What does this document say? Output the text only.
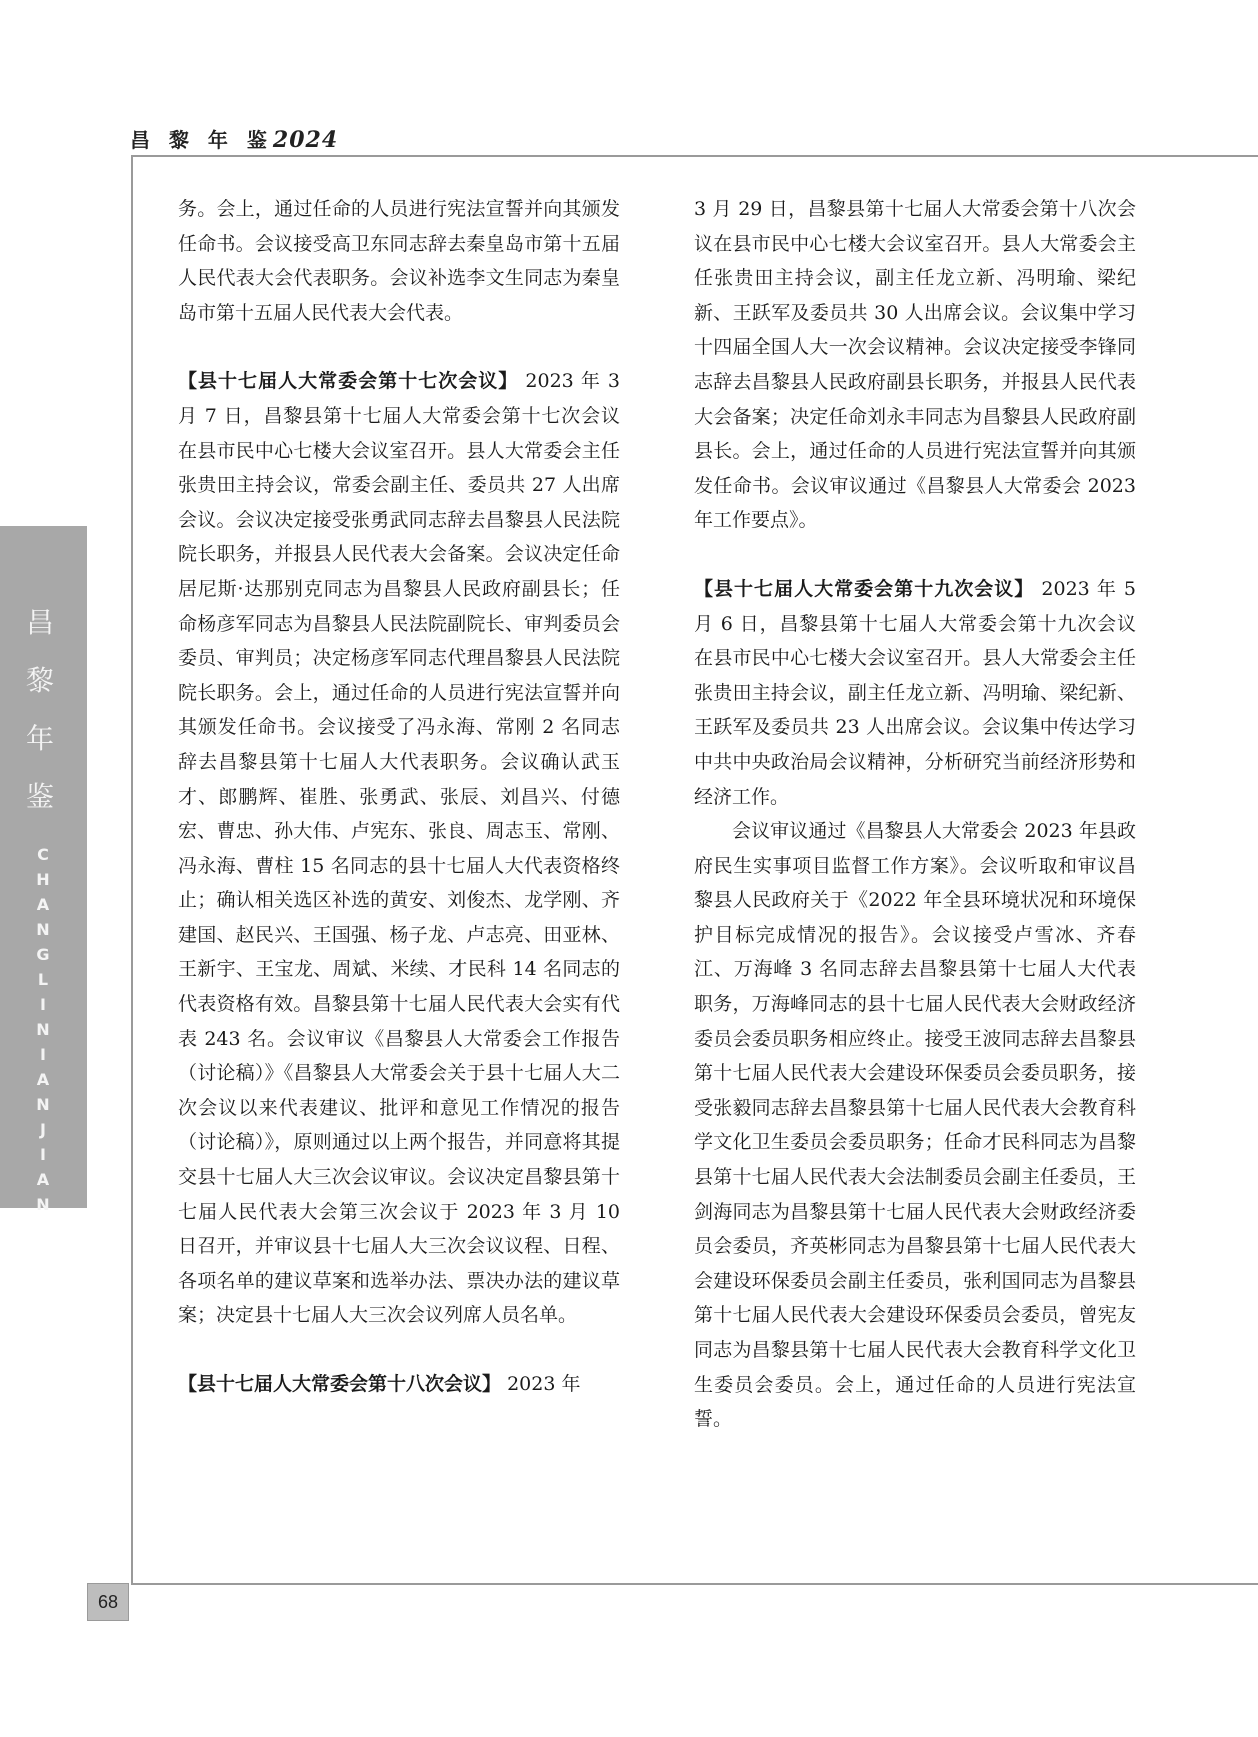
昌 黎 年 鉴2024
昌
黎
年
鉴
C
H
A
N
G
L
I
N
I
A
N
J
I
A
N
68

务。会上，通过任命的人员进行宪法宣誓并向其颁发任命书。会议接受高卫东同志辞去秦皇岛市第十五届人民代表大会代表职务。会议补选李文生同志为秦皇岛市第十五届人民代表大会代表。

【县十七届人大常委会第十七次会议】 2023 年 3 月 7 日，昌黎县第十七届人大常委会第十七次会议在县市民中心七楼大会议室召开。县人大常委会主任张贵田主持会议，常委会副主任、委员共 27 人出席会议。会议决定接受张勇武同志辞去昌黎县人民法院院长职务，并报县人民代表大会备案。会议决定任命居尼斯·达那别克同志为昌黎县人民政府副县长；任命杨彦军同志为昌黎县人民法院副院长、审判委员会委员、审判员；决定杨彦军同志代理昌黎县人民法院院长职务。会上，通过任命的人员进行宪法宣誓并向其颁发任命书。会议接受了冯永海、常刚 2 名同志辞去昌黎县第十七届人大代表职务。会议确认武玉才、郎鹏辉、崔胜、张勇武、张辰、刘昌兴、付德宏、曹忠、孙大伟、卢宪东、张良、周志玉、常刚、冯永海、曹柱 15 名同志的县十七届人大代表资格终止；确认相关选区补选的黄安、刘俊杰、龙学刚、齐建国、赵民兴、王国强、杨子龙、卢志亮、田亚林、王新宇、王宝龙、周斌、米续、才民科 14 名同志的代表资格有效。昌黎县第十七届人民代表大会实有代表 243 名。会议审议《昌黎县人大常委会工作报告（讨论稿）》《昌黎县人大常委会关于县十七届人大二次会议以来代表建议、批评和意见工作情况的报告（讨论稿）》，原则通过以上两个报告，并同意将其提交县十七届人大三次会议审议。会议决定昌黎县第十七届人民代表大会第三次会议于 2023 年 3 月 10 日召开，并审议县十七届人大三次会议议程、日程、各项名单的建议草案和选举办法、票决办法的建议草案；决定县十七届人大三次会议列席人员名单。

【县十七届人大常委会第十八次会议】 2023 年

3 月 29 日，昌黎县第十七届人大常委会第十八次会议在县市民中心七楼大会议室召开。县人大常委会主任张贵田主持会议，副主任龙立新、冯明瑜、梁纪新、王跃军及委员共 30 人出席会议。会议集中学习十四届全国人大一次会议精神。会议决定接受李锋同志辞去昌黎县人民政府副县长职务，并报县人民代表大会备案；决定任命刘永丰同志为昌黎县人民政府副县长。会上，通过任命的人员进行宪法宣誓并向其颁发任命书。会议审议通过《昌黎县人大常委会 2023 年工作要点》。

【县十七届人大常委会第十九次会议】 2023 年 5 月 6 日，昌黎县第十七届人大常委会第十九次会议在县市民中心七楼大会议室召开。县人大常委会主任张贵田主持会议，副主任龙立新、冯明瑜、梁纪新、王跃军及委员共 23 人出席会议。会议集中传达学习中共中央政治局会议精神，分析研究当前经济形势和经济工作。

会议审议通过《昌黎县人大常委会 2023 年县政府民生实事项目监督工作方案》。会议听取和审议昌黎县人民政府关于《2022 年全县环境状况和环境保护目标完成情况的报告》。会议接受卢雪冰、齐春江、万海峰 3 名同志辞去昌黎县第十七届人大代表职务，万海峰同志的县十七届人民代表大会财政经济委员会委员职务相应终止。接受王波同志辞去昌黎县第十七届人民代表大会建设环保委员会委员职务，接受张毅同志辞去昌黎县第十七届人民代表大会教育科学文化卫生委员会委员职务；任命才民科同志为昌黎县第十七届人民代表大会法制委员会副主任委员，王剑海同志为昌黎县第十七届人民代表大会财政经济委员会委员，齐英彬同志为昌黎县第十七届人民代表大会建设环保委员会副主任委员，张利国同志为昌黎县第十七届人民代表大会建设环保委员会委员，曾宪友同志为昌黎县第十七届人民代表大会教育科学文化卫生委员会委员。会上，通过任命的人员进行宪法宣誓。
